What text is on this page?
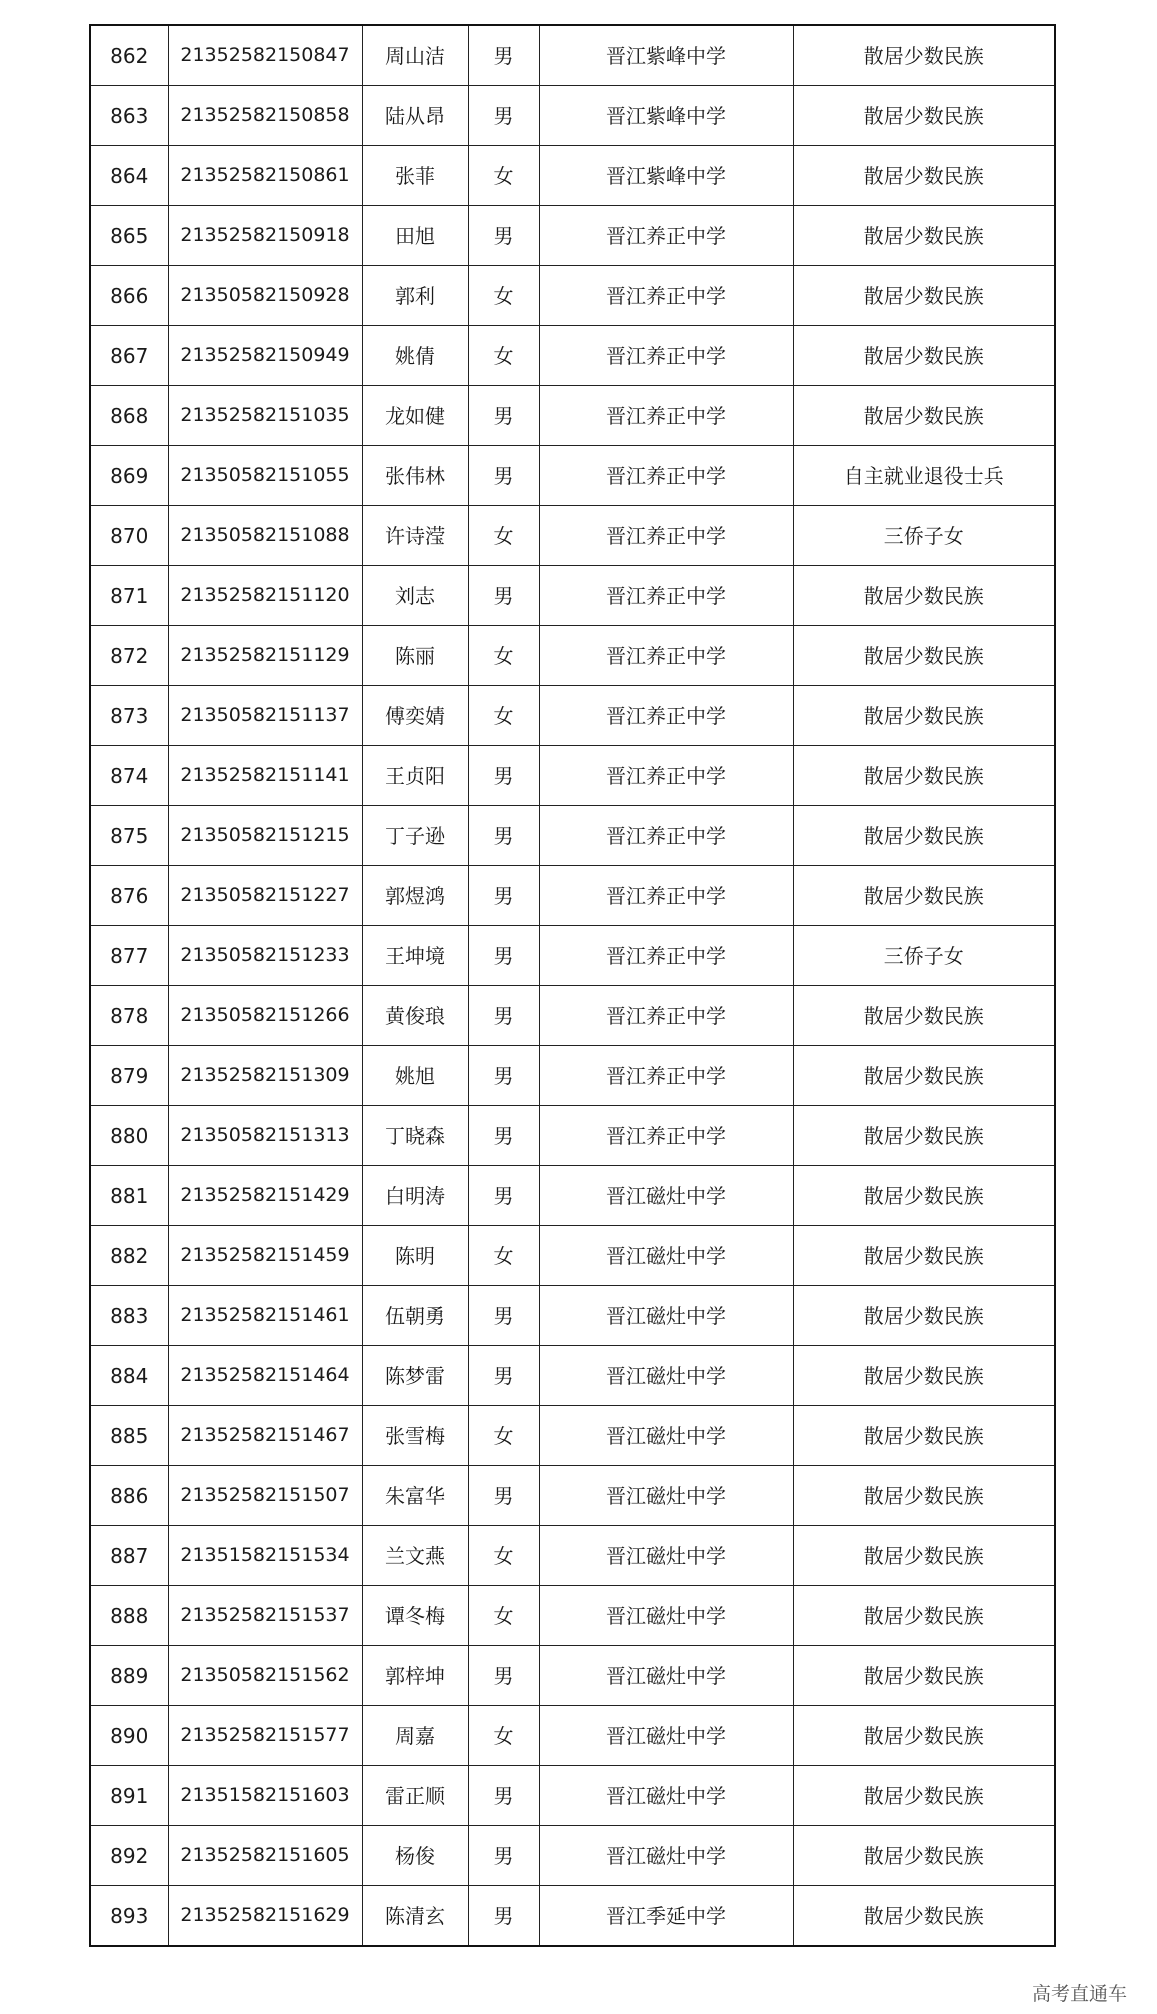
862	21352582150847	周山洁	男	晋江紫峰中学	散居少数民族
863	21352582150858	陆从昂	男	晋江紫峰中学	散居少数民族
864	21352582150861	张菲	女	晋江紫峰中学	散居少数民族
865	21352582150918	田旭	男	晋江养正中学	散居少数民族
866	21350582150928	郭利	女	晋江养正中学	散居少数民族
867	21352582150949	姚倩	女	晋江养正中学	散居少数民族
868	21352582151035	龙如健	男	晋江养正中学	散居少数民族
869	21350582151055	张伟林	男	晋江养正中学	自主就业退役士兵
870	21350582151088	许诗滢	女	晋江养正中学	三侨子女
871	21352582151120	刘志	男	晋江养正中学	散居少数民族
872	21352582151129	陈丽	女	晋江养正中学	散居少数民族
873	21350582151137	傅奕婧	女	晋江养正中学	散居少数民族
874	21352582151141	王贞阳	男	晋江养正中学	散居少数民族
875	21350582151215	丁子逊	男	晋江养正中学	散居少数民族
876	21350582151227	郭煜鸿	男	晋江养正中学	散居少数民族
877	21350582151233	王坤境	男	晋江养正中学	三侨子女
878	21350582151266	黄俊琅	男	晋江养正中学	散居少数民族
879	21352582151309	姚旭	男	晋江养正中学	散居少数民族
880	21350582151313	丁晓森	男	晋江养正中学	散居少数民族
881	21352582151429	白明涛	男	晋江磁灶中学	散居少数民族
882	21352582151459	陈明	女	晋江磁灶中学	散居少数民族
883	21352582151461	伍朝勇	男	晋江磁灶中学	散居少数民族
884	21352582151464	陈梦雷	男	晋江磁灶中学	散居少数民族
885	21352582151467	张雪梅	女	晋江磁灶中学	散居少数民族
886	21352582151507	朱富华	男	晋江磁灶中学	散居少数民族
887	21351582151534	兰文燕	女	晋江磁灶中学	散居少数民族
888	21352582151537	谭冬梅	女	晋江磁灶中学	散居少数民族
889	21350582151562	郭梓坤	男	晋江磁灶中学	散居少数民族
890	21352582151577	周嘉	女	晋江磁灶中学	散居少数民族
891	21351582151603	雷正顺	男	晋江磁灶中学	散居少数民族
892	21352582151605	杨俊	男	晋江磁灶中学	散居少数民族
893	21352582151629	陈清玄	男	晋江季延中学	散居少数民族
高考直通车
